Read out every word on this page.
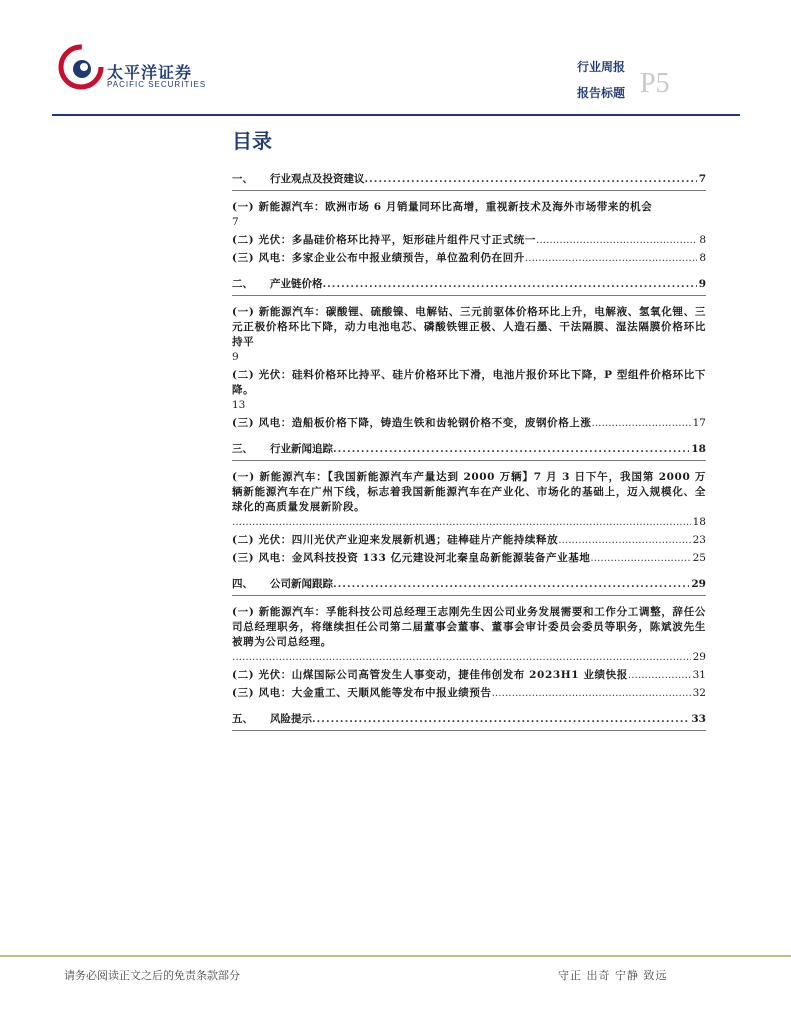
太平洋证券
PACIFIC SECURITIES
行业周报
报告标题 P5
目录
一、	行业观点及投资建议 .....	7
(一) 新能源汽车：欧洲市场 6 月销量同环比高增，重视新技术及海外市场带来的机会
7
(二) 光伏：多晶硅价格环比持平，矩形硅片组件尺寸正式统一 .....	8
(三) 风电：多家企业公布中报业绩预告，单位盈利仍在回升 .....	8
二、	产业链价格 .....	9
(一) 新能源汽车：碳酸锂、硫酸镍、电解钴、三元前驱体价格环比上升，电解液、氢氧化锂、三元正极价格环比下降，动力电池电芯、磷酸铁锂正极、人造石墨、干法隔膜、湿法隔膜价格环比持平
9
(二) 光伏：硅料价格环比持平、硅片价格环比下滑，电池片报价环比下降，P 型组件价格环比下降。
13
(三) 风电：造船板价格下降，铸造生铁和齿轮钢价格不变，废钢价格上涨 .....	17
三、	行业新闻追踪 .....	18
(一) 新能源汽车：【我国新能源汽车产量达到 2000 万辆】7 月 3 日下午，我国第 2000 万辆新能源汽车在广州下线，标志着我国新能源汽车在产业化、市场化的基础上，迈入规模化、全球化的高质量发展新阶段。
.....
18
(二) 光伏：四川光伏产业迎来发展新机遇；硅棒硅片产能持续释放 .....	23
(三) 风电：金风科技投资 133 亿元建设河北秦皇岛新能源装备产业基地 .....	25
四、	公司新闻跟踪 .....	29
(一) 新能源汽车：孚能科技公司总经理王志刚先生因公司业务发展需要和工作分工调整，辞任公司总经理职务，将继续担任公司第二届董事会董事、董事会审计委员会委员等职务，陈斌波先生被聘为公司总经理。
.....
29
(二) 光伏：山煤国际公司高管发生人事变动，捷佳伟创发布 2023H1 业绩快报 .....	31
(三) 风电：大金重工、天顺风能等发布中报业绩预告 .....	32
五、	风险提示 .....	33
请务必阅读正文之后的免责条款部分	守正 出奇 宁静 致远
